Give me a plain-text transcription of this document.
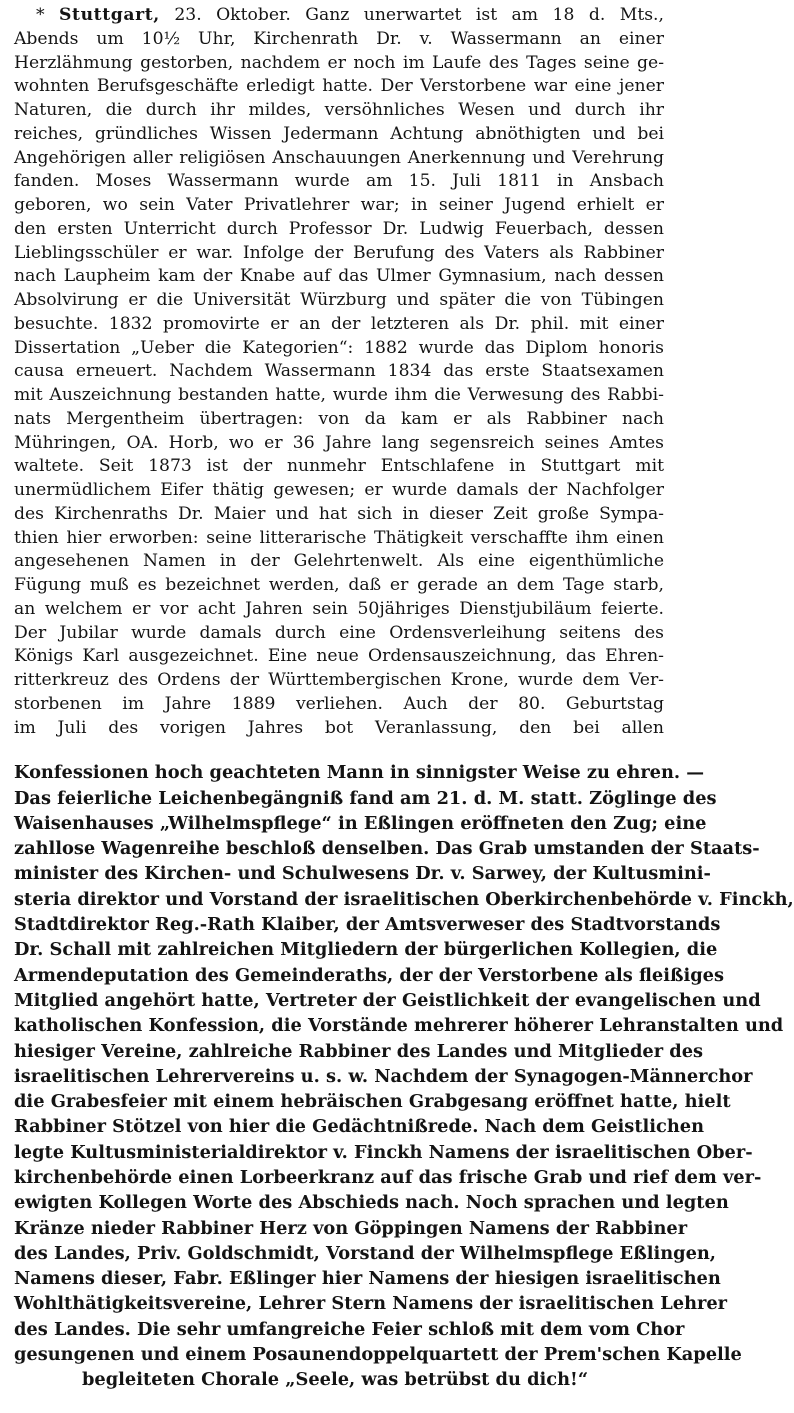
* Stuttgart, 23. Oktober. Ganz unerwartet ist am 18 d. Mts.,
Abends um 10½ Uhr, Kirchenrath Dr. v. Wassermann an einer
Herzlähmung gestorben, nachdem er noch im Laufe des Tages seine ge-
wohnten Berufsgeschäfte erledigt hatte. Der Verstorbene war eine jener
Naturen, die durch ihr mildes, versöhnliches Wesen und durch ihr
reiches, gründliches Wissen Jedermann Achtung abnöthigten und bei
Angehörigen aller religiösen Anschauungen Anerkennung und Verehrung
fanden. Moses Wassermann wurde am 15. Juli 1811 in Ansbach
geboren, wo sein Vater Privatlehrer war; in seiner Jugend erhielt er
den ersten Unterricht durch Professor Dr. Ludwig Feuerbach, dessen
Lieblingsschüler er war. Infolge der Berufung des Vaters als Rabbiner
nach Laupheim kam der Knabe auf das Ulmer Gymnasium, nach dessen
Absolvirung er die Universität Würzburg und später die von Tübingen
besuchte. 1832 promovirte er an der letzteren als Dr. phil. mit einer
Dissertation „Ueber die Kategorien“: 1882 wurde das Diplom honoris
causa erneuert. Nachdem Wassermann 1834 das erste Staatsexamen
mit Auszeichnung bestanden hatte, wurde ihm die Verwesung des Rabbi-
nats Mergentheim übertragen: von da kam er als Rabbiner nach
Mühringen, OA. Horb, wo er 36 Jahre lang segensreich seines Amtes
waltete. Seit 1873 ist der nunmehr Entschlafene in Stuttgart mit
unermüdlichem Eifer thätig gewesen; er wurde damals der Nachfolger
des Kirchenraths Dr. Maier und hat sich in dieser Zeit große Sympa-
thien hier erworben: seine litterarische Thätigkeit verschaffte ihm einen
angesehenen Namen in der Gelehrtenwelt. Als eine eigenthümliche
Fügung muß es bezeichnet werden, daß er gerade an dem Tage starb,
an welchem er vor acht Jahren sein 50jähriges Dienstjubiläum feierte.
Der Jubilar wurde damals durch eine Ordensverleihung seitens des
Königs Karl ausgezeichnet. Eine neue Ordensauszeichnung, das Ehren-
ritterkreuz des Ordens der Württembergischen Krone, wurde dem Ver-
storbenen im Jahre 1889 verliehen. Auch der 80. Geburtstag
im Juli des vorigen Jahres bot Veranlassung, den bei allen
Konfessionen hoch geachteten Mann in sinnigster Weise zu ehren. —
Das feierliche Leichenbegängniß fand am 21. d. M. statt. Zöglinge des
Waisenhauses „Wilhelmspflege“ in Eßlingen eröffneten den Zug; eine
zahllose Wagenreihe beschloß denselben. Das Grab umstanden der Staats-
minister des Kirchen- und Schulwesens Dr. v. Sarwey, der Kultusmini-
steria direktor und Vorstand der israelitischen Oberkirchenbehörde v. Finckh,
Stadtdirektor Reg.-Rath Klaiber, der Amtsverweser des Stadtvorstands
Dr. Schall mit zahlreichen Mitgliedern der bürgerlichen Kollegien, die
Armendeputation des Gemeinderaths, der der Verstorbene als fleißiges
Mitglied angehört hatte, Vertreter der Geistlichkeit der evangelischen und
katholischen Konfession, die Vorstände mehrerer höherer Lehranstalten und
hiesiger Vereine, zahlreiche Rabbiner des Landes und Mitglieder des
israelitischen Lehrervereins u. s. w. Nachdem der Synagogen-Männerchor
die Grabesfeier mit einem hebräischen Grabgesang eröffnet hatte, hielt
Rabbiner Stötzel von hier die Gedächtnißrede. Nach dem Geistlichen
legte Kultusministerialdirektor v. Finckh Namens der israelitischen Ober-
kirchenbehörde einen Lorbeerkranz auf das frische Grab und rief dem ver-
ewigten Kollegen Worte des Abschieds nach. Noch sprachen und legten
Kränze nieder Rabbiner Herz von Göppingen Namens der Rabbiner
des Landes, Priv. Goldschmidt, Vorstand der Wilhelmspflege Eßlingen,
Namens dieser, Fabr. Eßlinger hier Namens der hiesigen israelitischen
Wohlthätigkeitsvereine, Lehrer Stern Namens der israelitischen Lehrer
des Landes. Die sehr umfangreiche Feier schloß mit dem vom Chor
gesungenen und einem Posaunendoppelquartett der Prem'schen Kapelle
begleiteten Chorale „Seele, was betrübst du dich!“
